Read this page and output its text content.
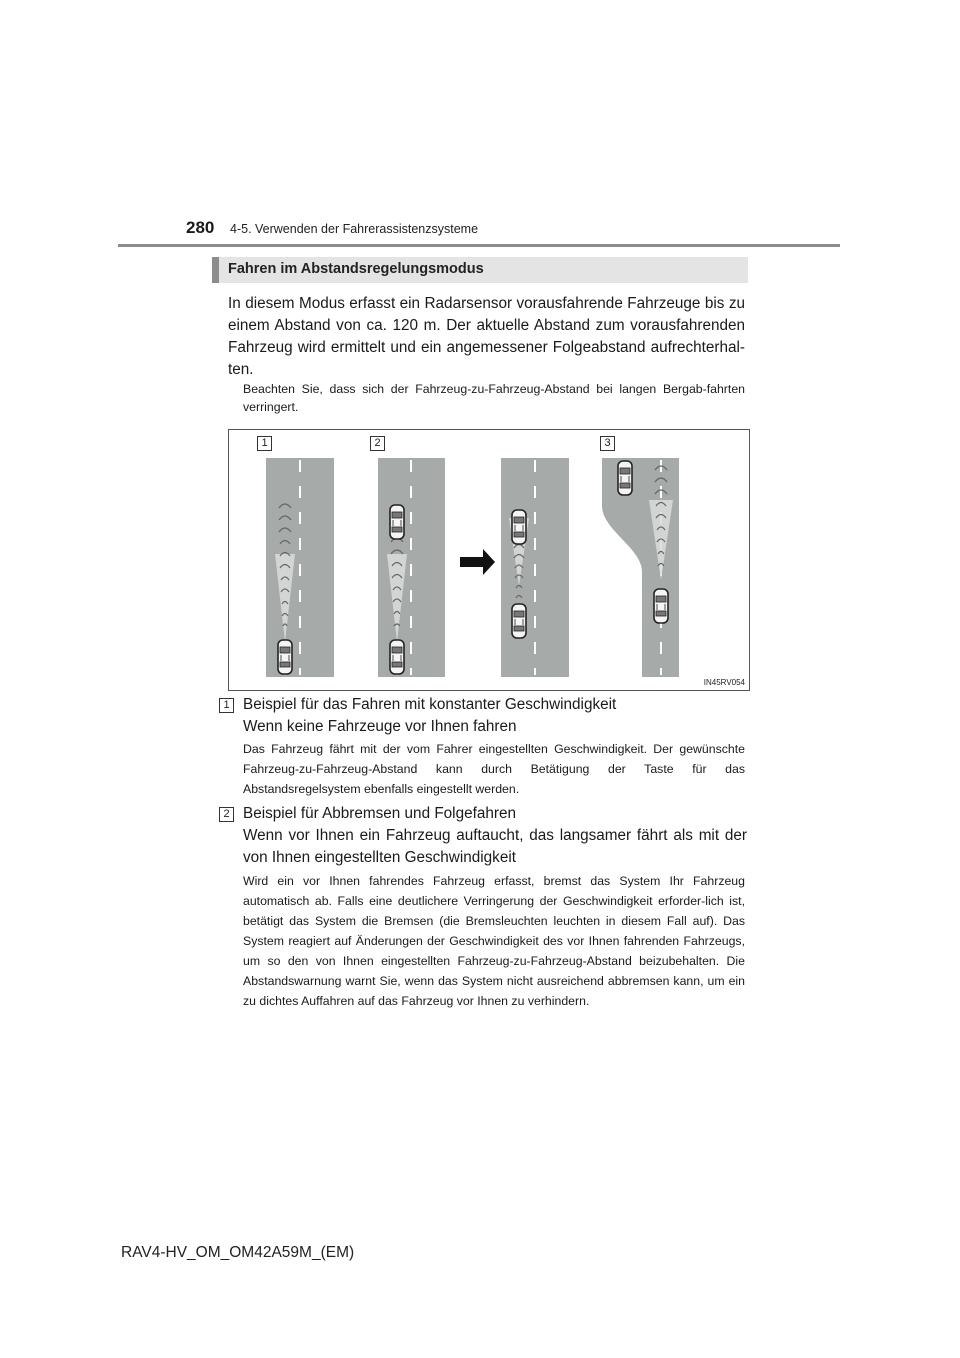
280 4-5. Verwenden der Fahrerassistenzsysteme
Fahren im Abstandsregelungsmodus
In diesem Modus erfasst ein Radarsensor vorausfahrende Fahrzeuge bis zu einem Abstand von ca. 120 m. Der aktuelle Abstand zum vorausfahrenden Fahrzeug wird ermittelt und ein angemessener Folgeabstand aufrechterhal-ten.
Beachten Sie, dass sich der Fahrzeug-zu-Fahrzeug-Abstand bei langen Bergab-fahrten verringert.
1	2	3
IN45RV054
1 Beispiel für das Fahren mit konstanter Geschwindigkeit
Wenn keine Fahrzeuge vor Ihnen fahren
Das Fahrzeug fährt mit der vom Fahrer eingestellten Geschwindigkeit. Der gewünschte Fahrzeug-zu-Fahrzeug-Abstand kann durch Betätigung der Taste für das Abstandsregelsystem ebenfalls eingestellt werden.
2 Beispiel für Abbremsen und Folgefahren
Wenn vor Ihnen ein Fahrzeug auftaucht, das langsamer fährt als mit der von Ihnen eingestellten Geschwindigkeit
Wird ein vor Ihnen fahrendes Fahrzeug erfasst, bremst das System Ihr Fahrzeug automatisch ab. Falls eine deutlichere Verringerung der Geschwindigkeit erforder-lich ist, betätigt das System die Bremsen (die Bremsleuchten leuchten in diesem Fall auf). Das System reagiert auf Änderungen der Geschwindigkeit des vor Ihnen fahrenden Fahrzeugs, um so den von Ihnen eingestellten Fahrzeug-zu-Fahrzeug-Abstand beizubehalten. Die Abstandswarnung warnt Sie, wenn das System nicht ausreichend abbremsen kann, um ein zu dichtes Auffahren auf das Fahrzeug vor Ihnen zu verhindern.
RAV4-HV_OM_OM42A59M_(EM)
